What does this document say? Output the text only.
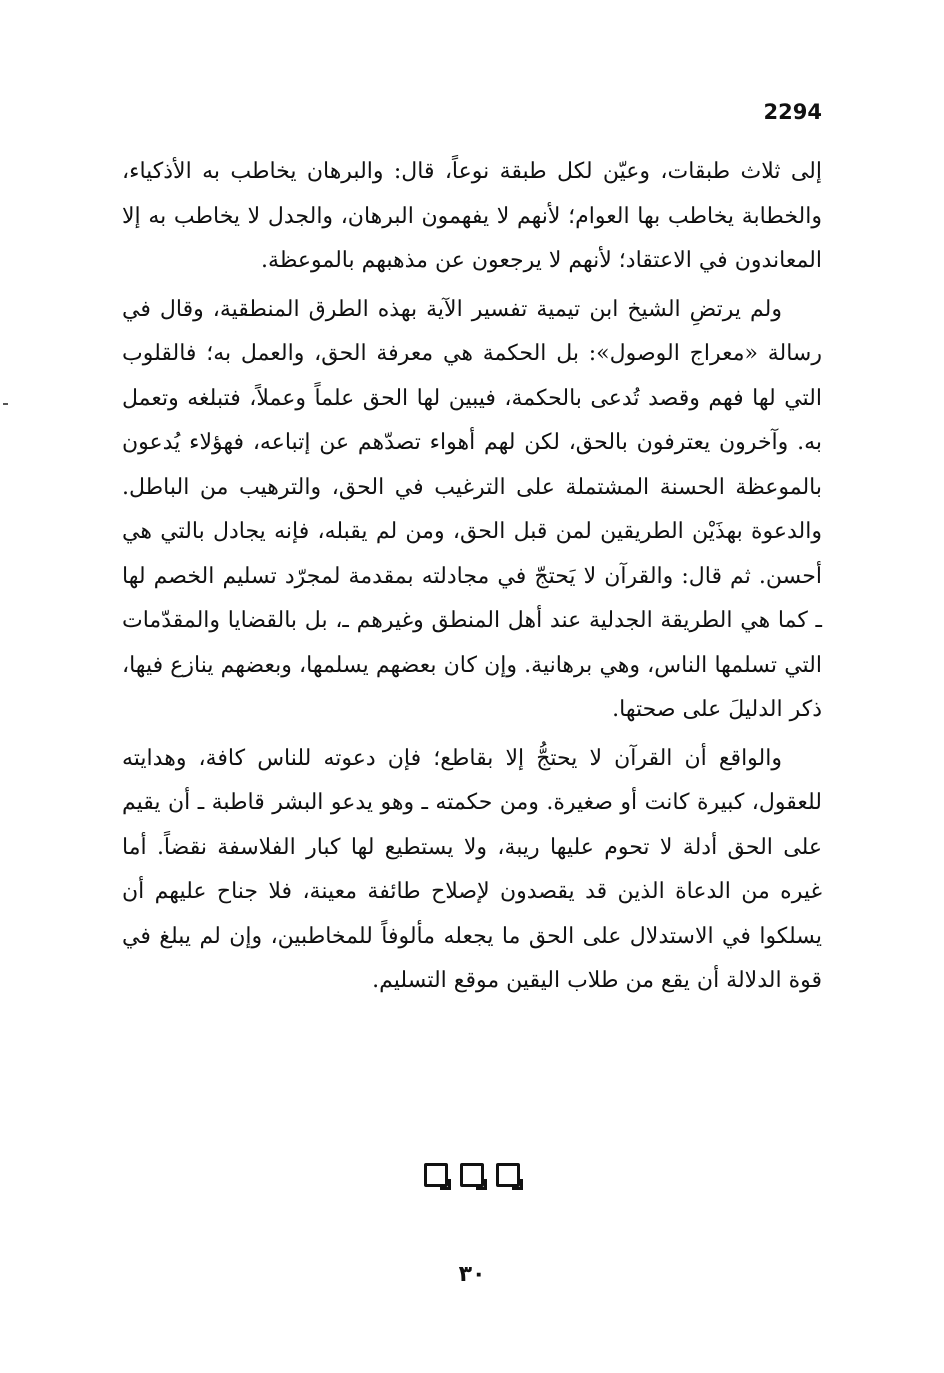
2294

إلى ثلاث طبقات، وعيّن لكل طبقة نوعاً، قال: والبرهان يخاطب به الأذكياء، والخطابة يخاطب بها العوام؛ لأنهم لا يفهمون البرهان، والجدل لا يخاطب به إلا المعاندون في الاعتقاد؛ لأنهم لا يرجعون عن مذهبهم بالموعظة.

ولم يرتضِ الشيخ ابن تيمية تفسير الآية بهذه الطرق المنطقية، وقال في رسالة «معراج الوصول»: بل الحكمة هي معرفة الحق، والعمل به؛ فالقلوب التي لها فهم وقصد تُدعى بالحكمة، فيبين لها الحق علماً وعملاً، فتبلغه وتعمل به. وآخرون يعترفون بالحق، لكن لهم أهواء تصدّهم عن إتباعه، فهؤلاء يُدعون بالموعظة الحسنة المشتملة على الترغيب في الحق، والترهيب من الباطل. والدعوة بهذَيْن الطريقين لمن قبل الحق، ومن لم يقبله، فإنه يجادل بالتي هي أحسن. ثم قال: والقرآن لا يَحتجّ في مجادلته بمقدمة لمجرّد تسليم الخصم لها ـ كما هي الطريقة الجدلية عند أهل المنطق وغيرهم ـ، بل بالقضايا والمقدّمات التي تسلمها الناس، وهي برهانية. وإن كان بعضهم يسلمها، وبعضهم ينازع فيها، ذكر الدليلَ على صحتها.

والواقع أن القرآن لا يحتجُّ إلا بقاطع؛ فإن دعوته للناس كافة، وهدايته للعقول، كبيرة كانت أو صغيرة. ومن حكمته ـ وهو يدعو البشر قاطبة ـ أن يقيم على الحق أدلة لا تحوم عليها ريبة، ولا يستطيع لها كبار الفلاسفة نقضاً. أما غيره من الدعاة الذين قد يقصدون لإصلاح طائفة معينة، فلا جناح عليهم أن يسلكوا في الاستدلال على الحق ما يجعله مألوفاً للمخاطبين، وإن لم يبلغ في قوة الدلالة أن يقع من طلاب اليقين موقع التسليم.

٣٠
